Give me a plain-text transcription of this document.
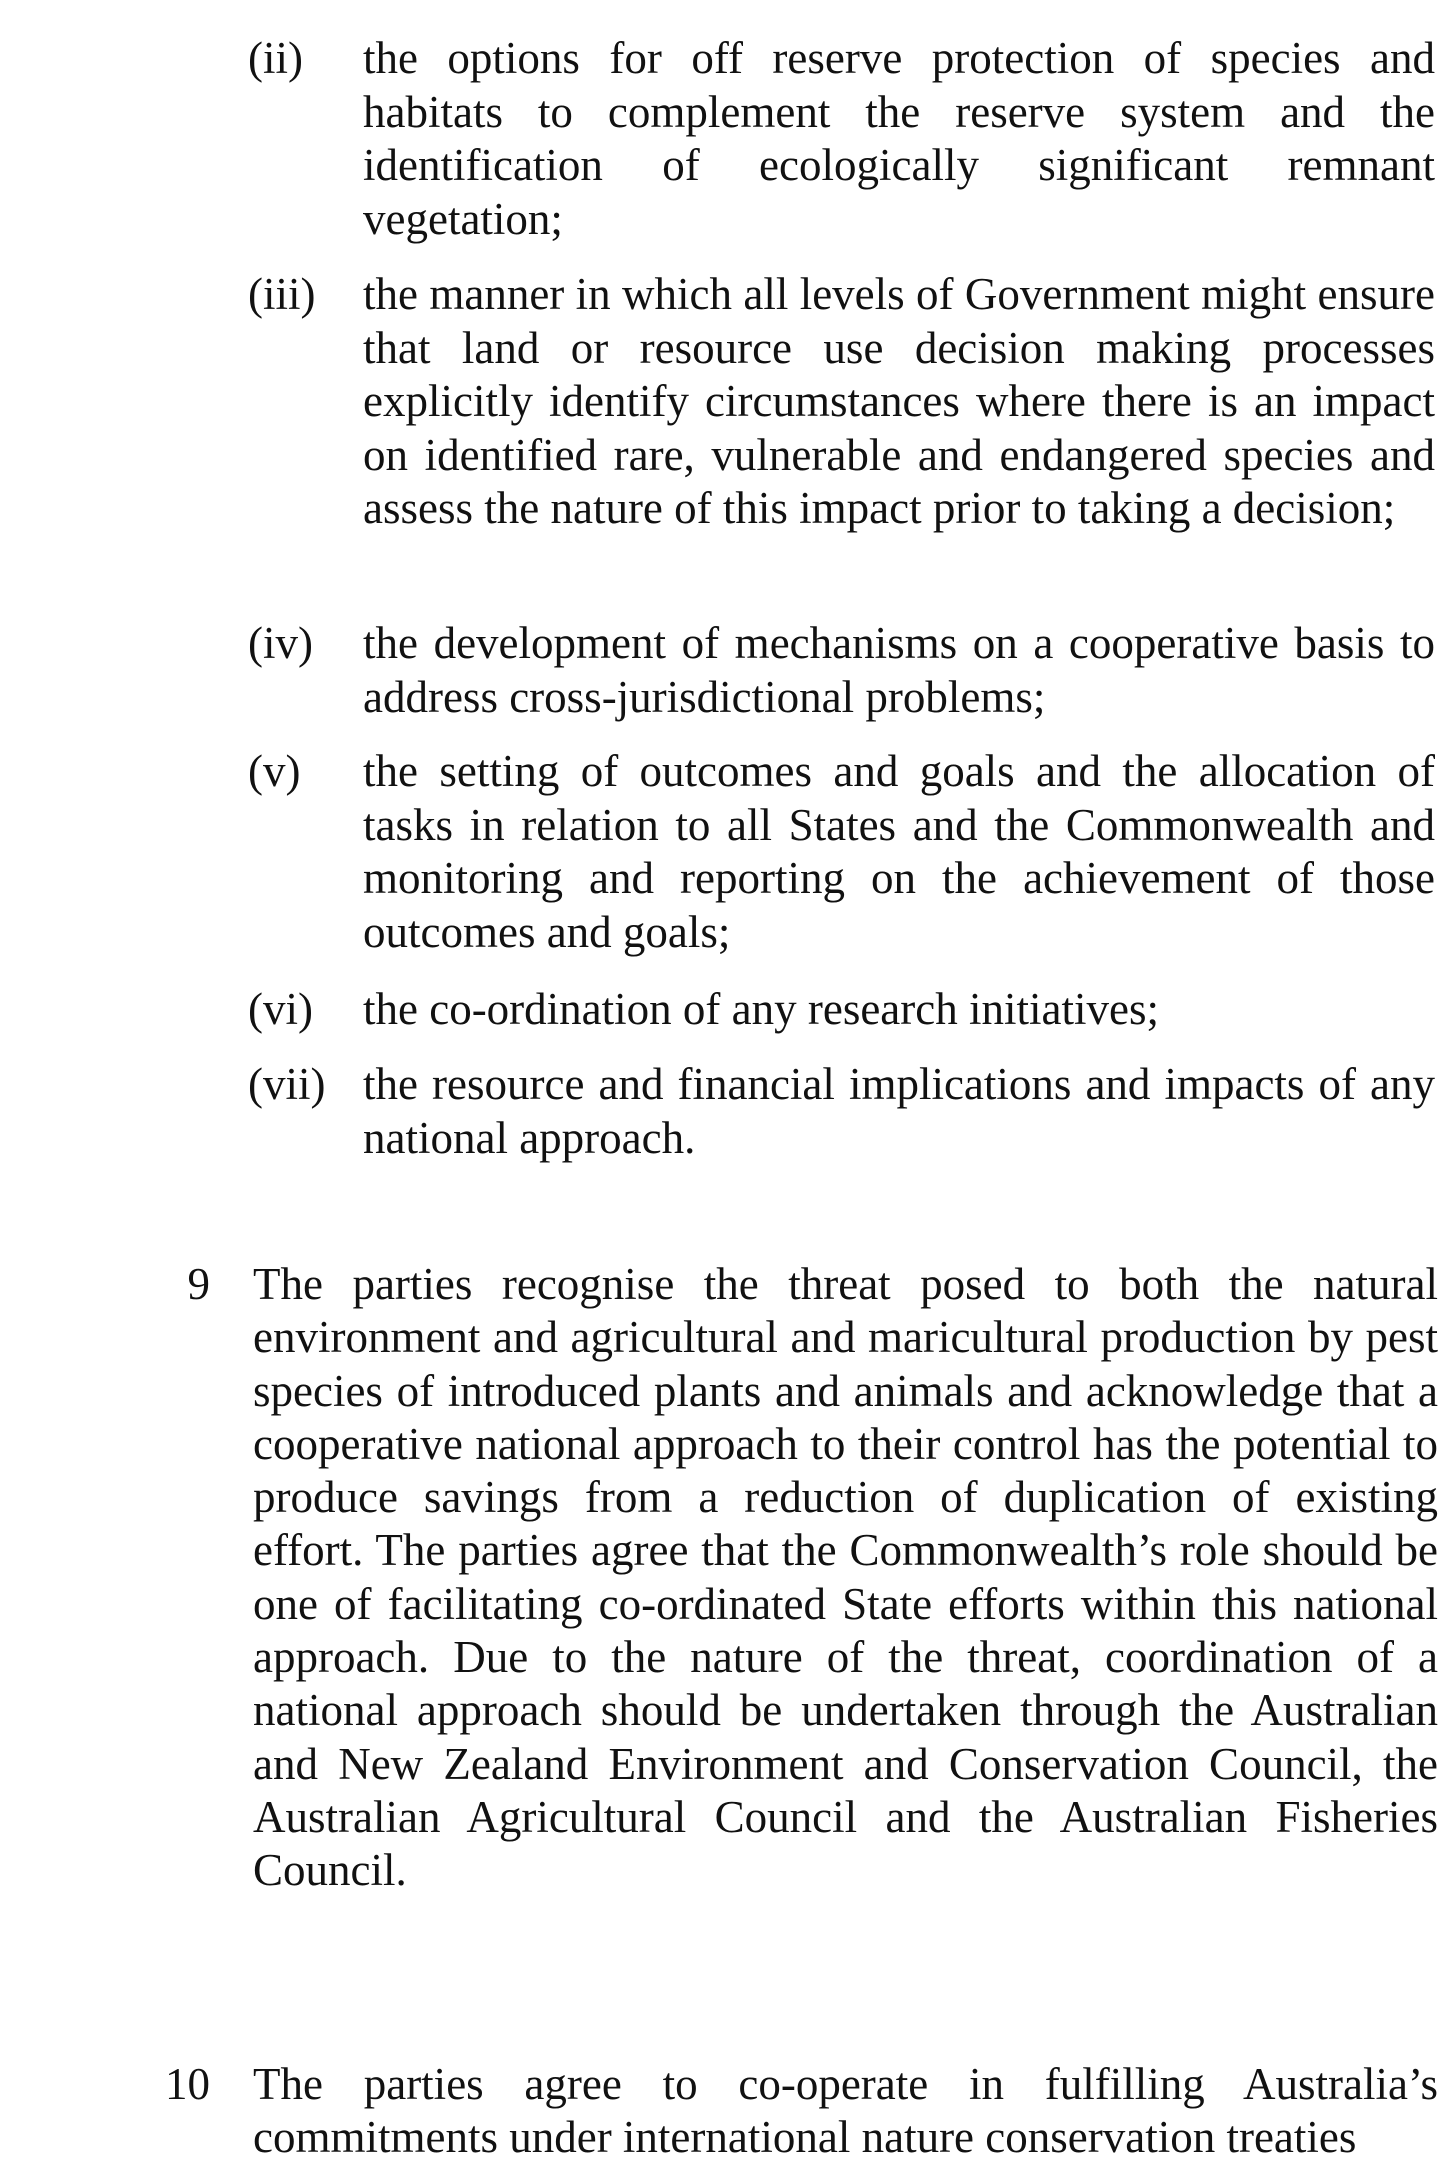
(ii) the options for off reserve protection of species and habitats to complement the reserve system and the identification of ecologically significant remnant vegetation;
(iii) the manner in which all levels of Government might ensure that land or resource use decision making processes explicitly identify circumstances where there is an impact on identified rare, vulnerable and endangered species and assess the nature of this impact prior to taking a decision;
(iv) the development of mechanisms on a cooperative basis to address cross-jurisdictional problems;
(v) the setting of outcomes and goals and the allocation of tasks in relation to all States and the Commonwealth and monitoring and reporting on the achievement of those outcomes and goals;
(vi) the co-ordination of any research initiatives;
(vii) the resource and financial implications and impacts of any national approach.
9 The parties recognise the threat posed to both the natural environment and agricultural and maricultural production by pest species of introduced plants and animals and acknowledge that a cooperative national approach to their control has the potential to produce savings from a reduction of duplication of existing effort. The parties agree that the Commonwealth’s role should be one of facilitating co-ordinated State efforts within this national approach. Due to the nature of the threat, coordination of a national approach should be undertaken through the Australian and New Zealand Environment and Conservation Council, the Australian Agricultural Council and the Australian Fisheries Council.
10 The parties agree to co-operate in fulfilling Australia’s commitments under international nature conservation treaties
